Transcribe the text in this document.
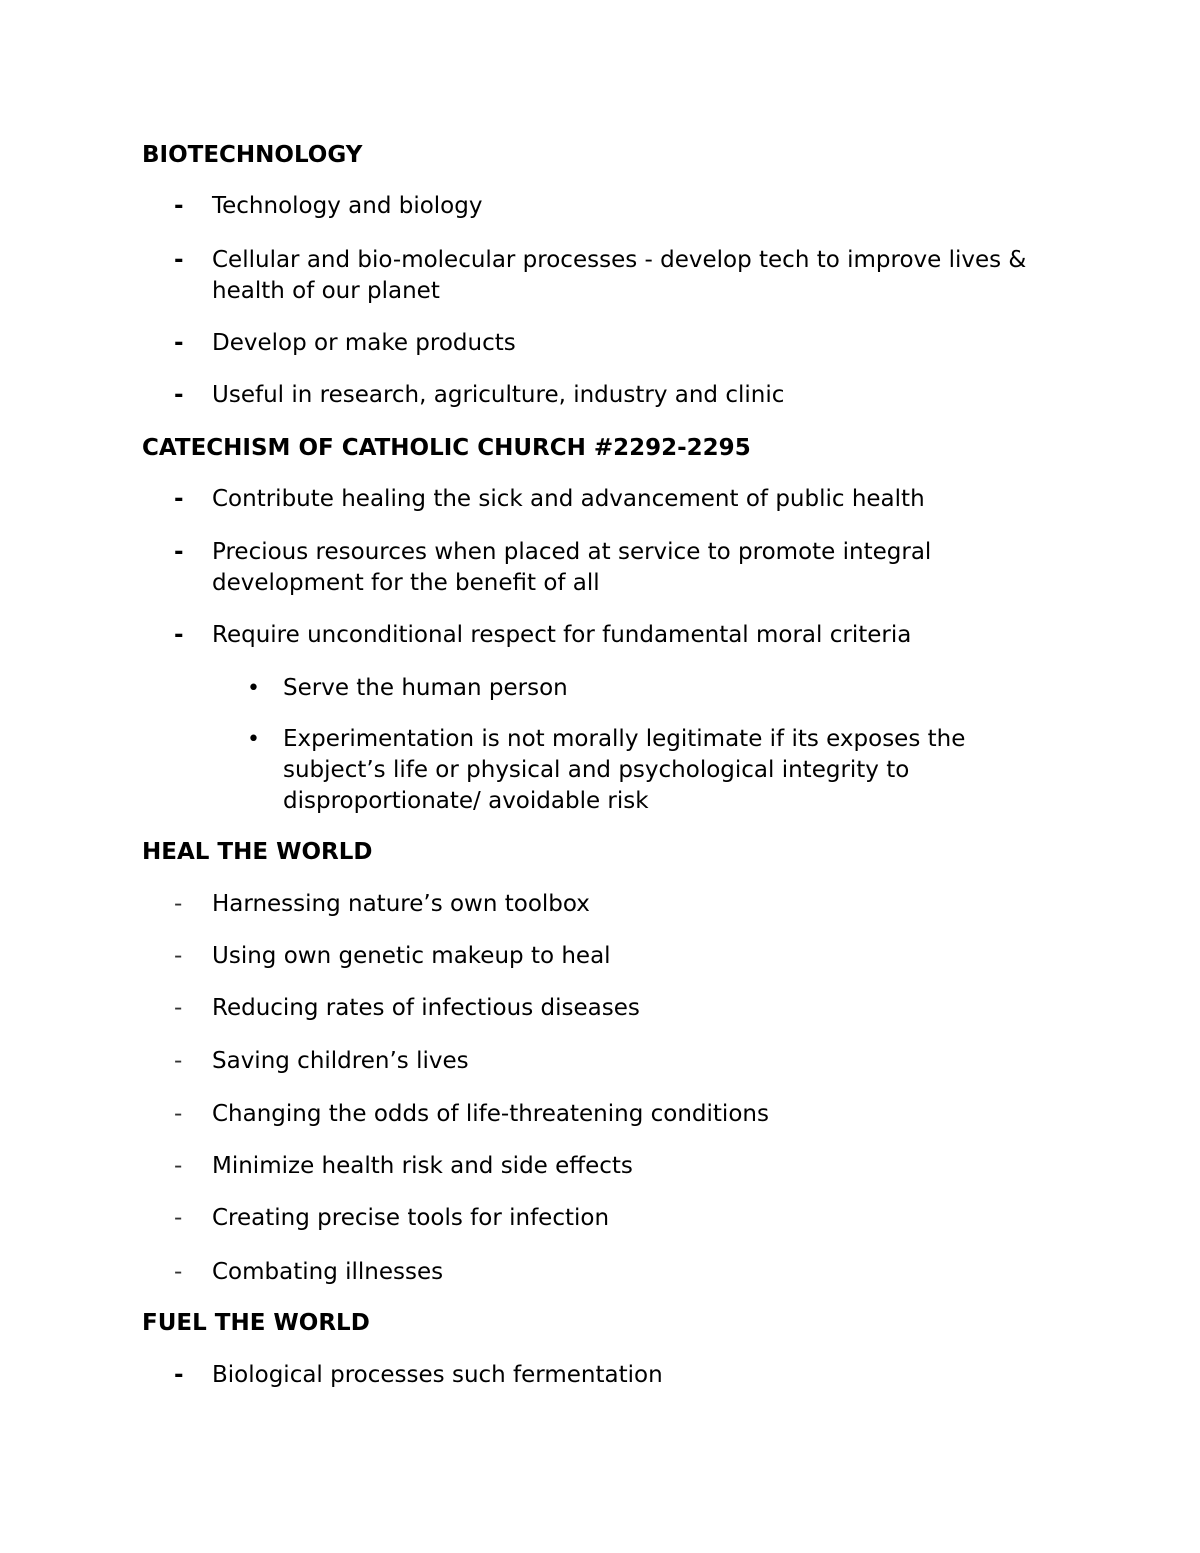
BIOTECHNOLOGY
-	Technology and biology
-	Cellular and bio-molecular processes - develop tech to improve lives & health of our planet
-	Develop or make products
-	Useful in research, agriculture, industry and clinic
CATECHISM OF CATHOLIC CHURCH #2292-2295
-	Contribute healing the sick and advancement of public health
-	Precious resources when placed at service to promote integral development for the benefit of all
-	Require unconditional respect for fundamental moral criteria
• Serve the human person
• Experimentation is not morally legitimate if its exposes the subject’s life or physical and psychological integrity to disproportionate/ avoidable risk
HEAL THE WORLD
-	Harnessing nature’s own toolbox
-	Using own genetic makeup to heal
-	Reducing rates of infectious diseases
-	Saving children’s lives
-	Changing the odds of life-threatening conditions
-	Minimize health risk and side effects
-	Creating precise tools for infection
-	Combating illnesses
FUEL THE WORLD
-	Biological processes such fermentation
